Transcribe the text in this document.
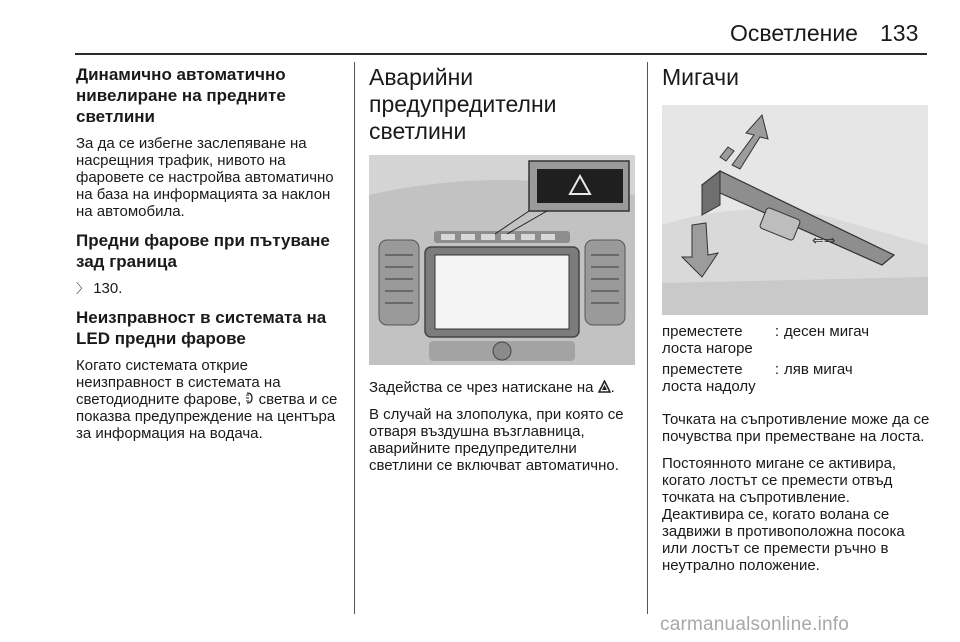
Осветление 133
Динамично автоматично нивелиране на предните светлини

За да се избегне заслепяване на насрещния трафик, нивото на фаровете се настройва автоматично на база на информацията за наклон на автомобила.

Предни фарове при пътуване зад граница

〉 130.

Неизправност в системата на LED предни фарове

Когато системата открие неизправност в системата на светодиодните фарове, светва и се показва предупреждение на центъра за информация на водача.

Аварийни предупредителни светлини

Задейства се чрез натискане на .

В случай на злополука, при която се отваря въздушна възглавница, аварийните предупредителни светлини се включват автоматично.

Мигачи
⇐⇒
преместете лоста нагоре	:	десен мигач
преместете лоста надолу	:	ляв мигач

Точката на съпротивление може да се почувства при преместване на лоста.

Постоянното мигане се активира, когато лостът се премести отвъд точката на съпротивление. Деактивира се, когато волана се задвижи в противоположна посока или лостът се премести ръчно в неутрално положение.

carmanualsonline.info
